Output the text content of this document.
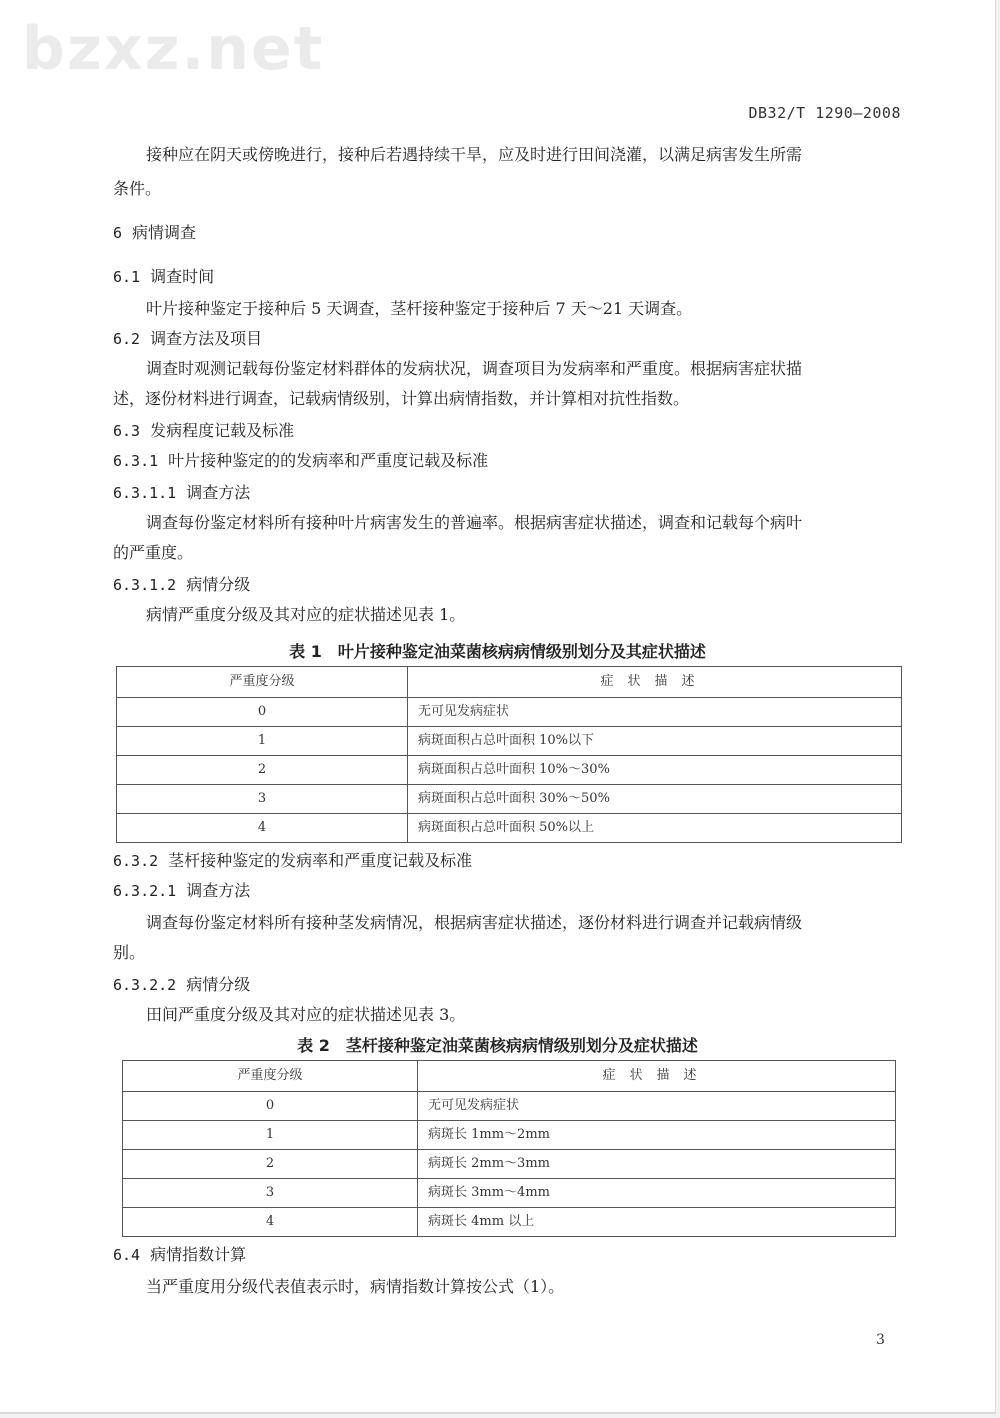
bzxz.net
DB32/T 1290—2008
接种应在阴天或傍晚进行，接种后若遇持续干旱，应及时进行田间浇灌，以满足病害发生所需
条件。
6 病情调查
6.1 调查时间
叶片接种鉴定于接种后 5 天调查，茎杆接种鉴定于接种后 7 天～21 天调查。
6.2 调查方法及项目
调查时观测记载每份鉴定材料群体的发病状况，调查项目为发病率和严重度。根据病害症状描
述，逐份材料进行调查，记载病情级别，计算出病情指数，并计算相对抗性指数。
6.3 发病程度记载及标准
6.3.1 叶片接种鉴定的的发病率和严重度记载及标准
6.3.1.1 调查方法
调查每份鉴定材料所有接种叶片病害发生的普遍率。根据病害症状描述，调查和记载每个病叶
的严重度。
6.3.1.2 病情分级
病情严重度分级及其对应的症状描述见表 1。
表 1　叶片接种鉴定油菜菌核病病情级别划分及其症状描述
严重度分级	症状描述
0	无可见发病症状
1	病斑面积占总叶面积 10%以下
2	病斑面积占总叶面积 10%～30%
3	病斑面积占总叶面积 30%～50%
4	病斑面积占总叶面积 50%以上
6.3.2 茎杆接种鉴定的发病率和严重度记载及标准
6.3.2.1 调查方法
调查每份鉴定材料所有接种茎发病情况，根据病害症状描述，逐份材料进行调查并记载病情级
别。
6.3.2.2 病情分级
田间严重度分级及其对应的症状描述见表 3。
表 2　茎杆接种鉴定油菜菌核病病情级别划分及症状描述
严重度分级	症状描述
0	无可见发病症状
1	病斑长 1mm～2mm
2	病斑长 2mm～3mm
3	病斑长 3mm～4mm
4	病斑长 4mm 以上
6.4 病情指数计算
当严重度用分级代表值表示时，病情指数计算按公式（1）。
3
